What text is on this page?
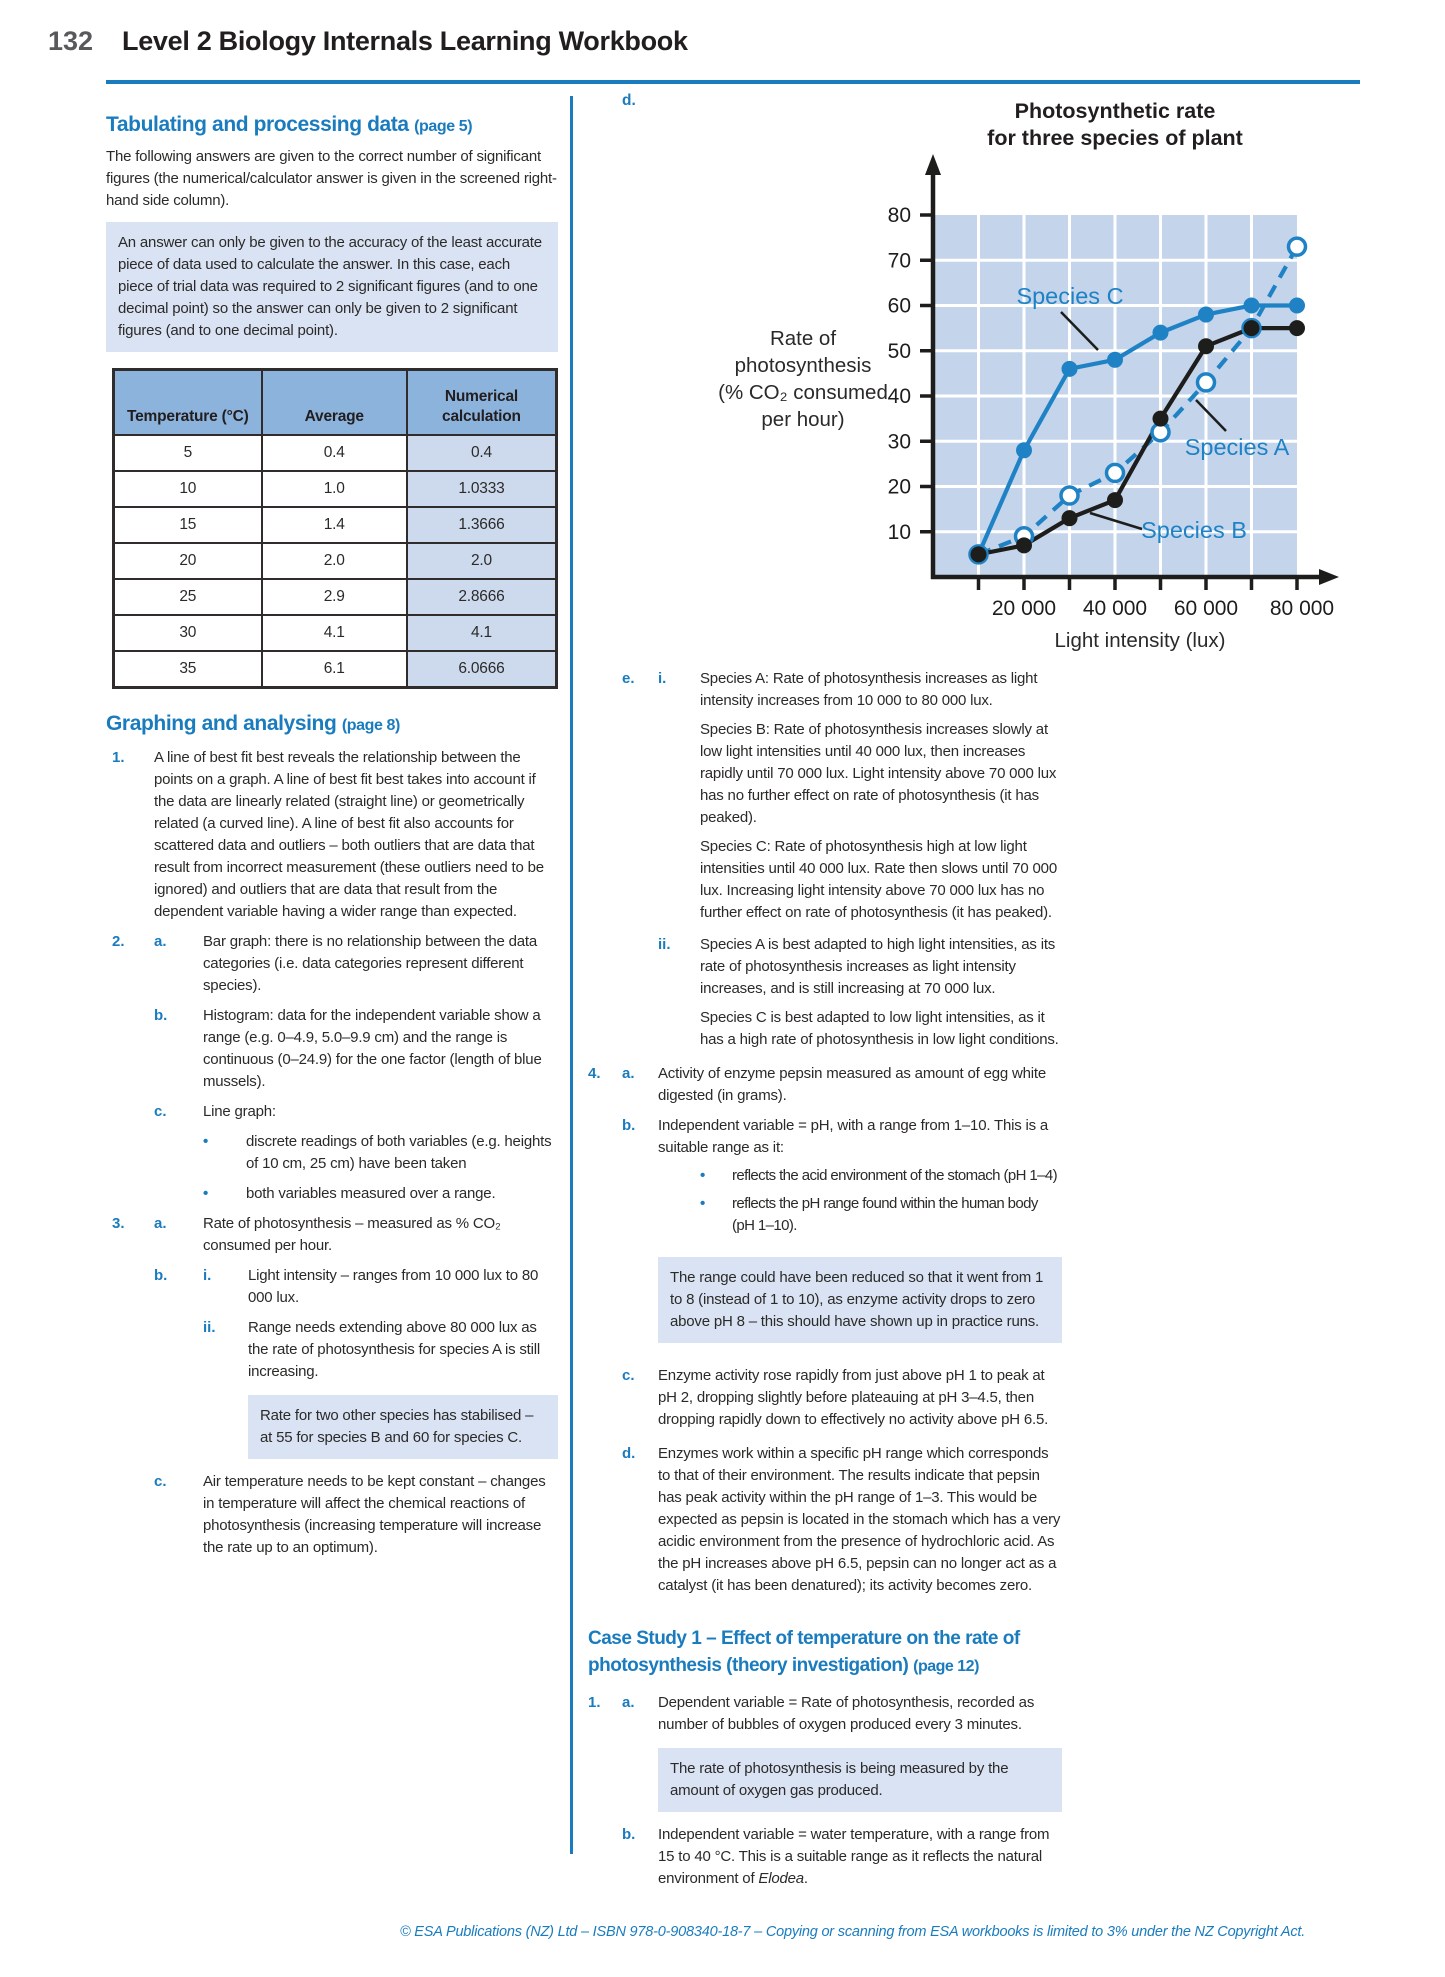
132 Level 2 Biology Internals Learning Workbook
Tabulating and processing data (page 5)

The following answers are given to the correct number of significant figures (the numerical/calculator answer is given in the screened right-hand side column).

An answer can only be given to the accuracy of the least accurate piece of data used to calculate the answer. In this case, each piece of trial data was required to 2 significant figures (and to one decimal point) so the answer can only be given to 2 significant figures (and to one decimal point).
Temperature (°C)	Average	Numerical calculation
5	0.4	0.4
10	1.0	1.0333
15	1.4	1.3666
20	2.0	2.0
25	2.9	2.8666
30	4.1	4.1
35	6.1	6.0666
Graphing and analysing (page 8)
1.	A line of best fit best reveals the relationship between the points on a graph. A line of best fit best takes into account if the data are linearly related (straight line) or geometrically related (a curved line). A line of best fit also accounts for scattered data and outliers – both outliers that are data that result from incorrect measurement (these outliers need to be ignored) and outliers that are data that result from the dependent variable having a wider range than expected.
2.	a.	Bar graph: there is no relationship between the data categories (i.e. data categories represent different species).
b.	Histogram: data for the independent variable show a range (e.g. 0–4.9, 5.0–9.9 cm) and the range is continuous (0–24.9) for the one factor (length of blue mussels).
c.	Line graph:
•	discrete readings of both variables (e.g. heights of 10 cm, 25 cm) have been taken
•	both variables measured over a range.
3.	a.	Rate of photosynthesis – measured as % CO₂ consumed per hour.
b.	i.	Light intensity – ranges from 10 000 lux to 80 000 lux.
ii.	Range needs extending above 80 000 lux as the rate of photosynthesis for species A is still increasing.
Rate for two other species has stabilised – at 55 for species B and 60 for species C.
c.	Air temperature needs to be kept constant – changes in temperature will affect the chemical reactions of photosynthesis (increasing temperature will increase the rate up to an optimum).
d.
10
20
30
40
50
60
70
80
20 000 40 000 60 000 80 000
Photosynthetic rate
for three species of plant
Rate of
photosynthesis
(% CO₂ consumed
per hour)
Light intensity (lux)
Species C
Species A
Species B
e.	i.	Species A: Rate of photosynthesis increases as light intensity increases from 10 000 to 80 000 lux.
Species B: Rate of photosynthesis increases slowly at low light intensities until 40 000 lux, then increases rapidly until 70 000 lux. Light intensity above 70 000 lux has no further effect on rate of photosynthesis (it has peaked).
Species C: Rate of photosynthesis high at low light intensities until 40 000 lux. Rate then slows until 70 000 lux. Increasing light intensity above 70 000 lux has no further effect on rate of photosynthesis (it has peaked).
ii.	Species A is best adapted to high light intensities, as its rate of photosynthesis increases as light intensity increases, and is still increasing at 70 000 lux.
Species C is best adapted to low light intensities, as it has a high rate of photosynthesis in low light conditions.
4.	a.	Activity of enzyme pepsin measured as amount of egg white digested (in grams).
b.	Independent variable = pH, with a range from 1–10. This is a suitable range as it:
•	reflects the acid environment of the stomach (pH 1–4)
•	reflects the pH range found within the human body (pH 1–10).
The range could have been reduced so that it went from 1 to 8 (instead of 1 to 10), as enzyme activity drops to zero above pH 8 – this should have shown up in practice runs.
c.	Enzyme activity rose rapidly from just above pH 1 to peak at pH 2, dropping slightly before plateauing at pH 3–4.5, then dropping rapidly down to effectively no activity above pH 6.5.
d.	Enzymes work within a specific pH range which corresponds to that of their environment. The results indicate that pepsin has peak activity within the pH range of 1–3. This would be expected as pepsin is located in the stomach which has a very acidic environment from the presence of hydrochloric acid. As the pH increases above pH 6.5, pepsin can no longer act as a catalyst (it has been denatured); its activity becomes zero.
Case Study 1 – Effect of temperature on the rate of
photosynthesis (theory investigation) (page 12)
1.	a.	Dependent variable = Rate of photosynthesis, recorded as number of bubbles of oxygen produced every 3 minutes.
The rate of photosynthesis is being measured by the amount of oxygen gas produced.
b.	Independent variable = water temperature, with a range from 15 to 40 °C. This is a suitable range as it reflects the natural environment of Elodea.
© ESA Publications (NZ) Ltd – ISBN 978-0-908340-18-7 – Copying or scanning from ESA workbooks is limited to 3% under the NZ Copyright Act.
